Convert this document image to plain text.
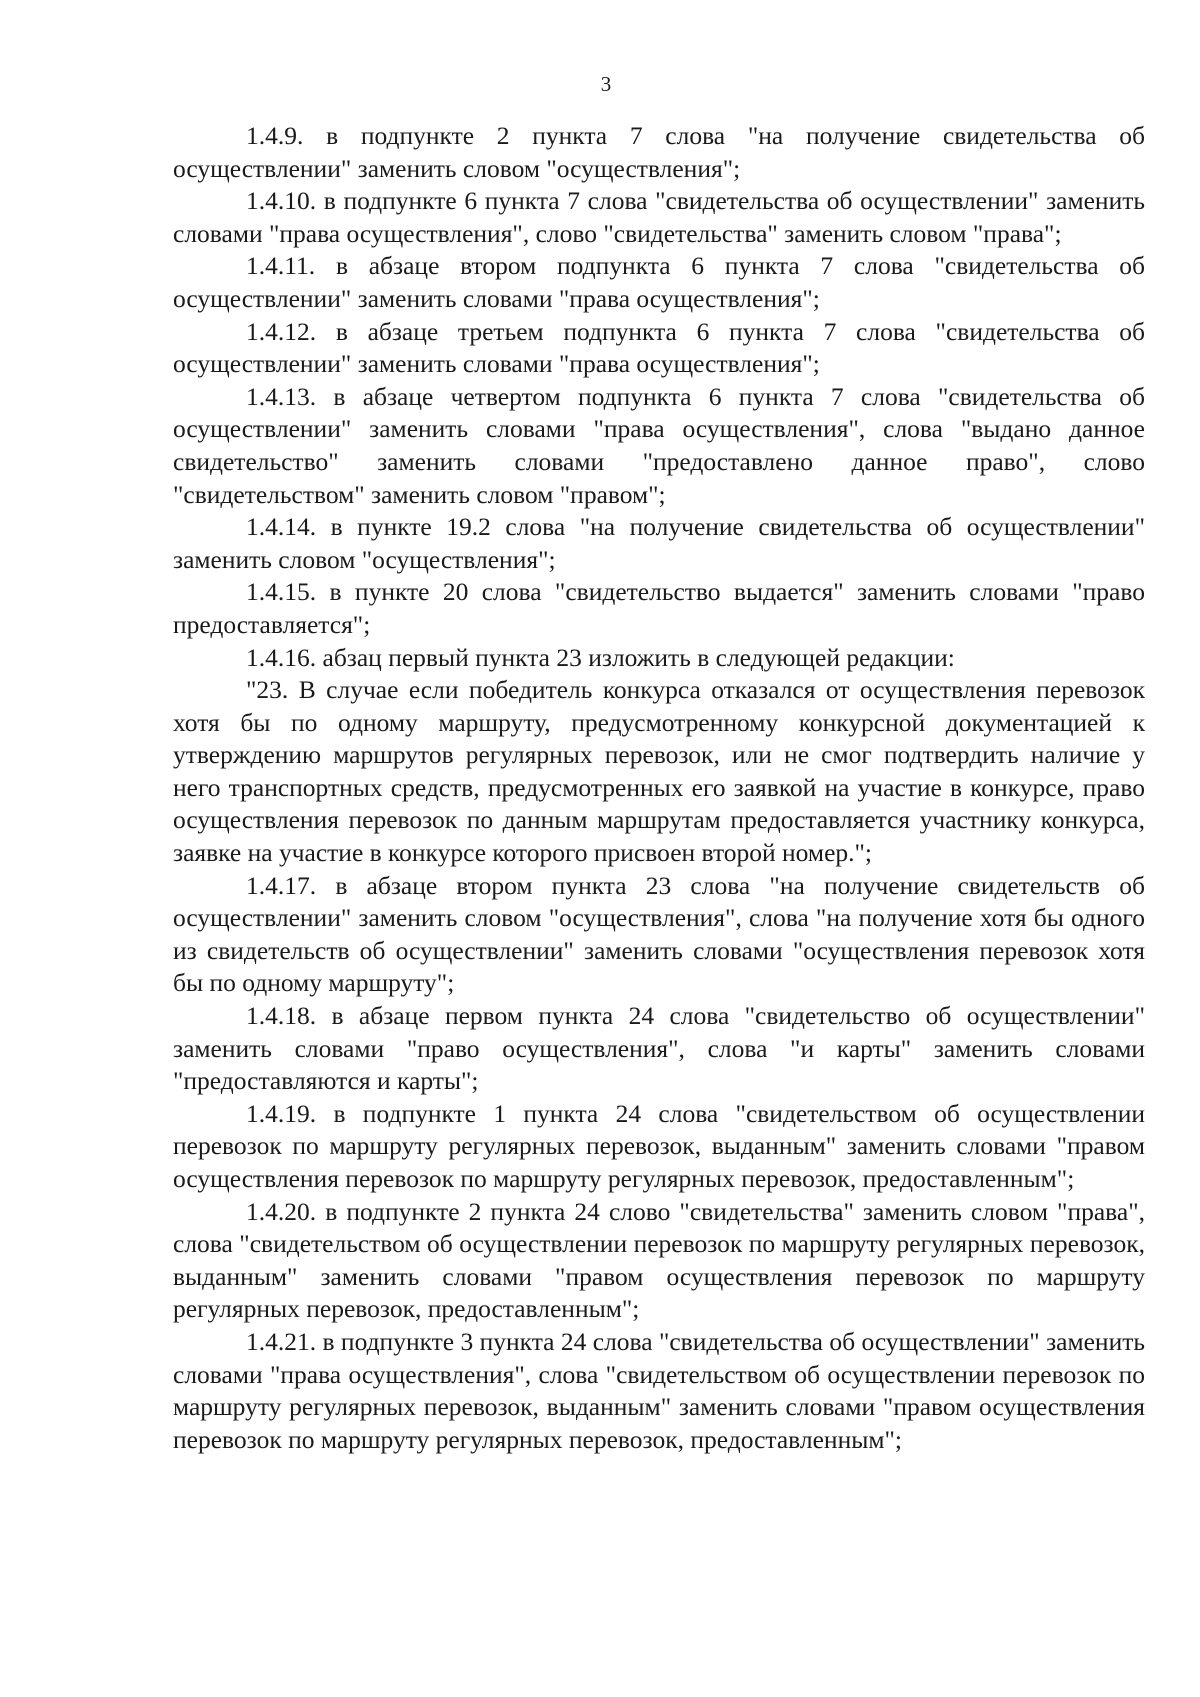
3

1.4.9. в подпункте 2 пункта 7 слова "на получение свидетельства об осуществлении" заменить словом "осуществления";

1.4.10. в подпункте 6 пункта 7 слова "свидетельства об осуществлении" заменить словами "права осуществления", слово "свидетельства" заменить словом "права";

1.4.11. в абзаце втором подпункта 6 пункта 7 слова "свидетельства об осуществлении" заменить словами "права осуществления";

1.4.12. в абзаце третьем подпункта 6 пункта 7 слова "свидетельства об осуществлении" заменить словами "права осуществления";

1.4.13. в абзаце четвертом подпункта 6 пункта 7 слова "свидетельства об осуществлении" заменить словами "права осуществления", слова "выдано данное свидетельство" заменить словами "предоставлено данное право", слово "свидетельством" заменить словом "правом";

1.4.14. в пункте 19.2 слова "на получение свидетельства об осуществлении" заменить словом "осуществления";

1.4.15. в пункте 20 слова "свидетельство выдается" заменить словами "право предоставляется";

1.4.16. абзац первый пункта 23 изложить в следующей редакции:

"23. В случае если победитель конкурса отказался от осуществления перевозок хотя бы по одному маршруту, предусмотренному конкурсной документацией к утверждению маршрутов регулярных перевозок, или не смог подтвердить наличие у него транспортных средств, предусмотренных его заявкой на участие в конкурсе, право осуществления перевозок по данным маршрутам предоставляется участнику конкурса, заявке на участие в конкурсе которого присвоен второй номер.";

1.4.17. в абзаце втором пункта 23 слова "на получение свидетельств об осуществлении" заменить словом "осуществления", слова "на получение хотя бы одного из свидетельств об осуществлении" заменить словами "осуществления перевозок хотя бы по одному маршруту";

1.4.18. в абзаце первом пункта 24 слова "свидетельство об осуществлении" заменить словами "право осуществления", слова "и карты" заменить словами "предоставляются и карты";

1.4.19. в подпункте 1 пункта 24 слова "свидетельством об осуществлении перевозок по маршруту регулярных перевозок, выданным" заменить словами "правом осуществления перевозок по маршруту регулярных перевозок, предоставленным";

1.4.20. в подпункте 2 пункта 24 слово "свидетельства" заменить словом "права", слова "свидетельством об осуществлении перевозок по маршруту регулярных перевозок, выданным" заменить словами "правом осуществления перевозок по маршруту регулярных перевозок, предоставленным";

1.4.21. в подпункте 3 пункта 24 слова "свидетельства об осуществлении" заменить словами "права осуществления", слова "свидетельством об осуществлении перевозок по маршруту регулярных перевозок, выданным" заменить словами "правом осуществления перевозок по маршруту регулярных перевозок, предоставленным";
